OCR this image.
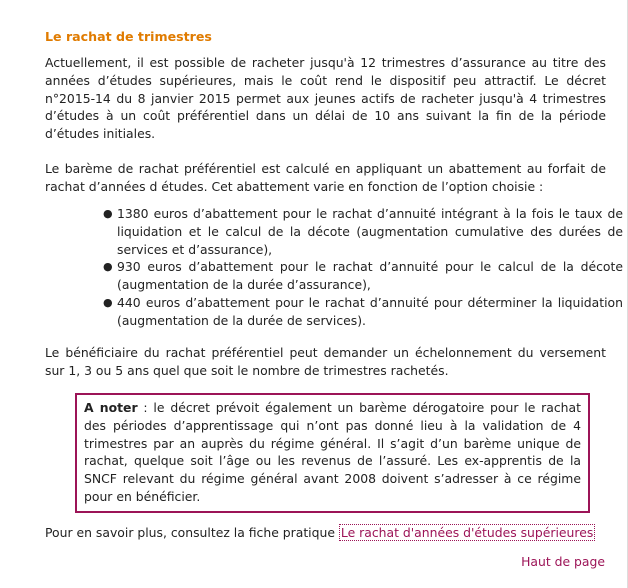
Le rachat de trimestres

Actuellement, il est possible de racheter jusqu'à 12 trimestres d’assurance au titre des années d’études supérieures, mais le coût rend le dispositif peu attractif. Le décret n°2015-14 du 8 janvier 2015 permet aux jeunes actifs de racheter jusqu'à 4 trimestres d’études à un coût préférentiel dans un délai de 10 ans suivant la fin de la période d’études initiales.

Le barème de rachat préférentiel est calculé en appliquant un abattement au forfait de rachat d’années d études. Cet abattement varie en fonction de l’option choisie :

● 1380 euros d’abattement pour le rachat d’annuité intégrant à la fois le taux de liquidation et le calcul de la décote (augmentation cumulative des durées de services et d’assurance),
● 930 euros d’abattement pour le rachat d’annuité pour le calcul de la décote (augmentation de la durée d’assurance),
● 440 euros d’abattement pour le rachat d’annuité pour déterminer la liquidation (augmentation de la durée de services).

Le bénéficiaire du rachat préférentiel peut demander un échelonnement du versement sur 1, 3 ou 5 ans quel que soit le nombre de trimestres rachetés.

A noter : le décret prévoit également un barème dérogatoire pour le rachat des périodes d’apprentissage qui n’ont pas donné lieu à la validation de 4 trimestres par an auprès du régime général. Il s’agit d’un barème unique de rachat, quelque soit l’âge ou les revenus de l’assuré. Les ex-apprentis de la SNCF relevant du régime général avant 2008 doivent s’adresser à ce régime pour en bénéficier.

Pour en savoir plus, consultez la fiche pratique Le rachat d'années d'études supérieures

Haut de page
